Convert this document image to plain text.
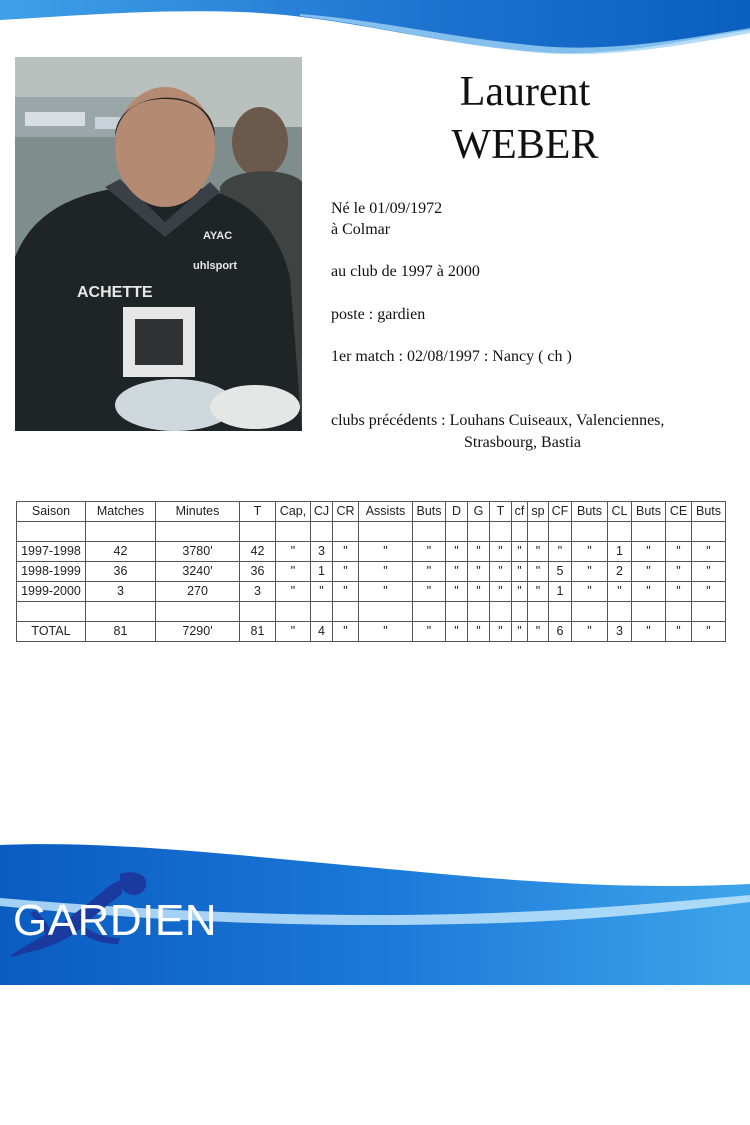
ACHETTE
uhlsport
AYAC
Laurent
WEBER
Né le 01/09/1972
à Colmar
au club de 1997 à 2000
poste : gardien
1er match : 02/08/1997 : Nancy ( ch )
clubs précédents : Louhans Cuiseaux, Valenciennes,
Strasbourg, Bastia
Saison	Matches	Minutes	T	Cap,	CJ	CR	Assists	Buts	D	G	T	cf	sp	CF	Buts	CL	Buts	CE	Buts

1997-1998	42	3780'	42	"	3	"	"	"	"	"	"	"	"	"	"	1	"	"	"
1998-1999	36	3240'	36	"	1	"	"	"	"	"	"	"	"	5	"	2	"	"	"
1999-2000	3	270	3	"	"	"	"	"	"	"	"	"	"	1	"	"	"	"	"

TOTAL	81	7290'	81	"	4	"	"	"	"	"	"	"	"	6	"	3	"	"	"
GARDIEN
